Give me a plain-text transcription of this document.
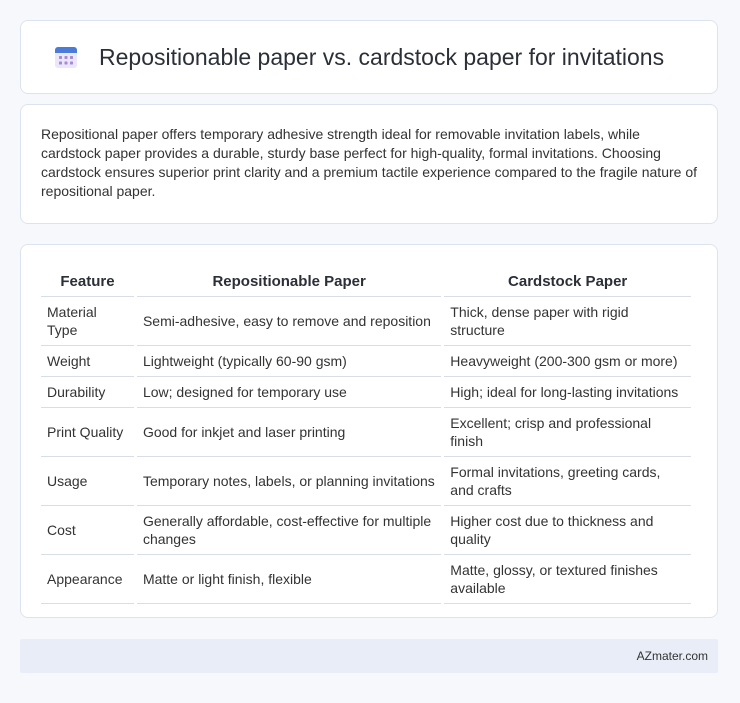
Repositionable paper vs. cardstock paper for invitations

Repositional paper offers temporary adhesive strength ideal for removable invitation labels, while cardstock paper provides a durable, sturdy base perfect for high-quality, formal invitations. Choosing cardstock ensures superior print clarity and a premium tactile experience compared to the fragile nature of repositional paper.

Feature	Repositionable Paper	Cardstock Paper
Material Type	Semi-adhesive, easy to remove and reposition	Thick, dense paper with rigid structure
Weight	Lightweight (typically 60-90 gsm)	Heavyweight (200-300 gsm or more)
Durability	Low; designed for temporary use	High; ideal for long-lasting invitations
Print Quality	Good for inkjet and laser printing	Excellent; crisp and professional finish
Usage	Temporary notes, labels, or planning invitations	Formal invitations, greeting cards, and crafts
Cost	Generally affordable, cost-effective for multiple changes	Higher cost due to thickness and quality
Appearance	Matte or light finish, flexible	Matte, glossy, or textured finishes available
AZmater.com
